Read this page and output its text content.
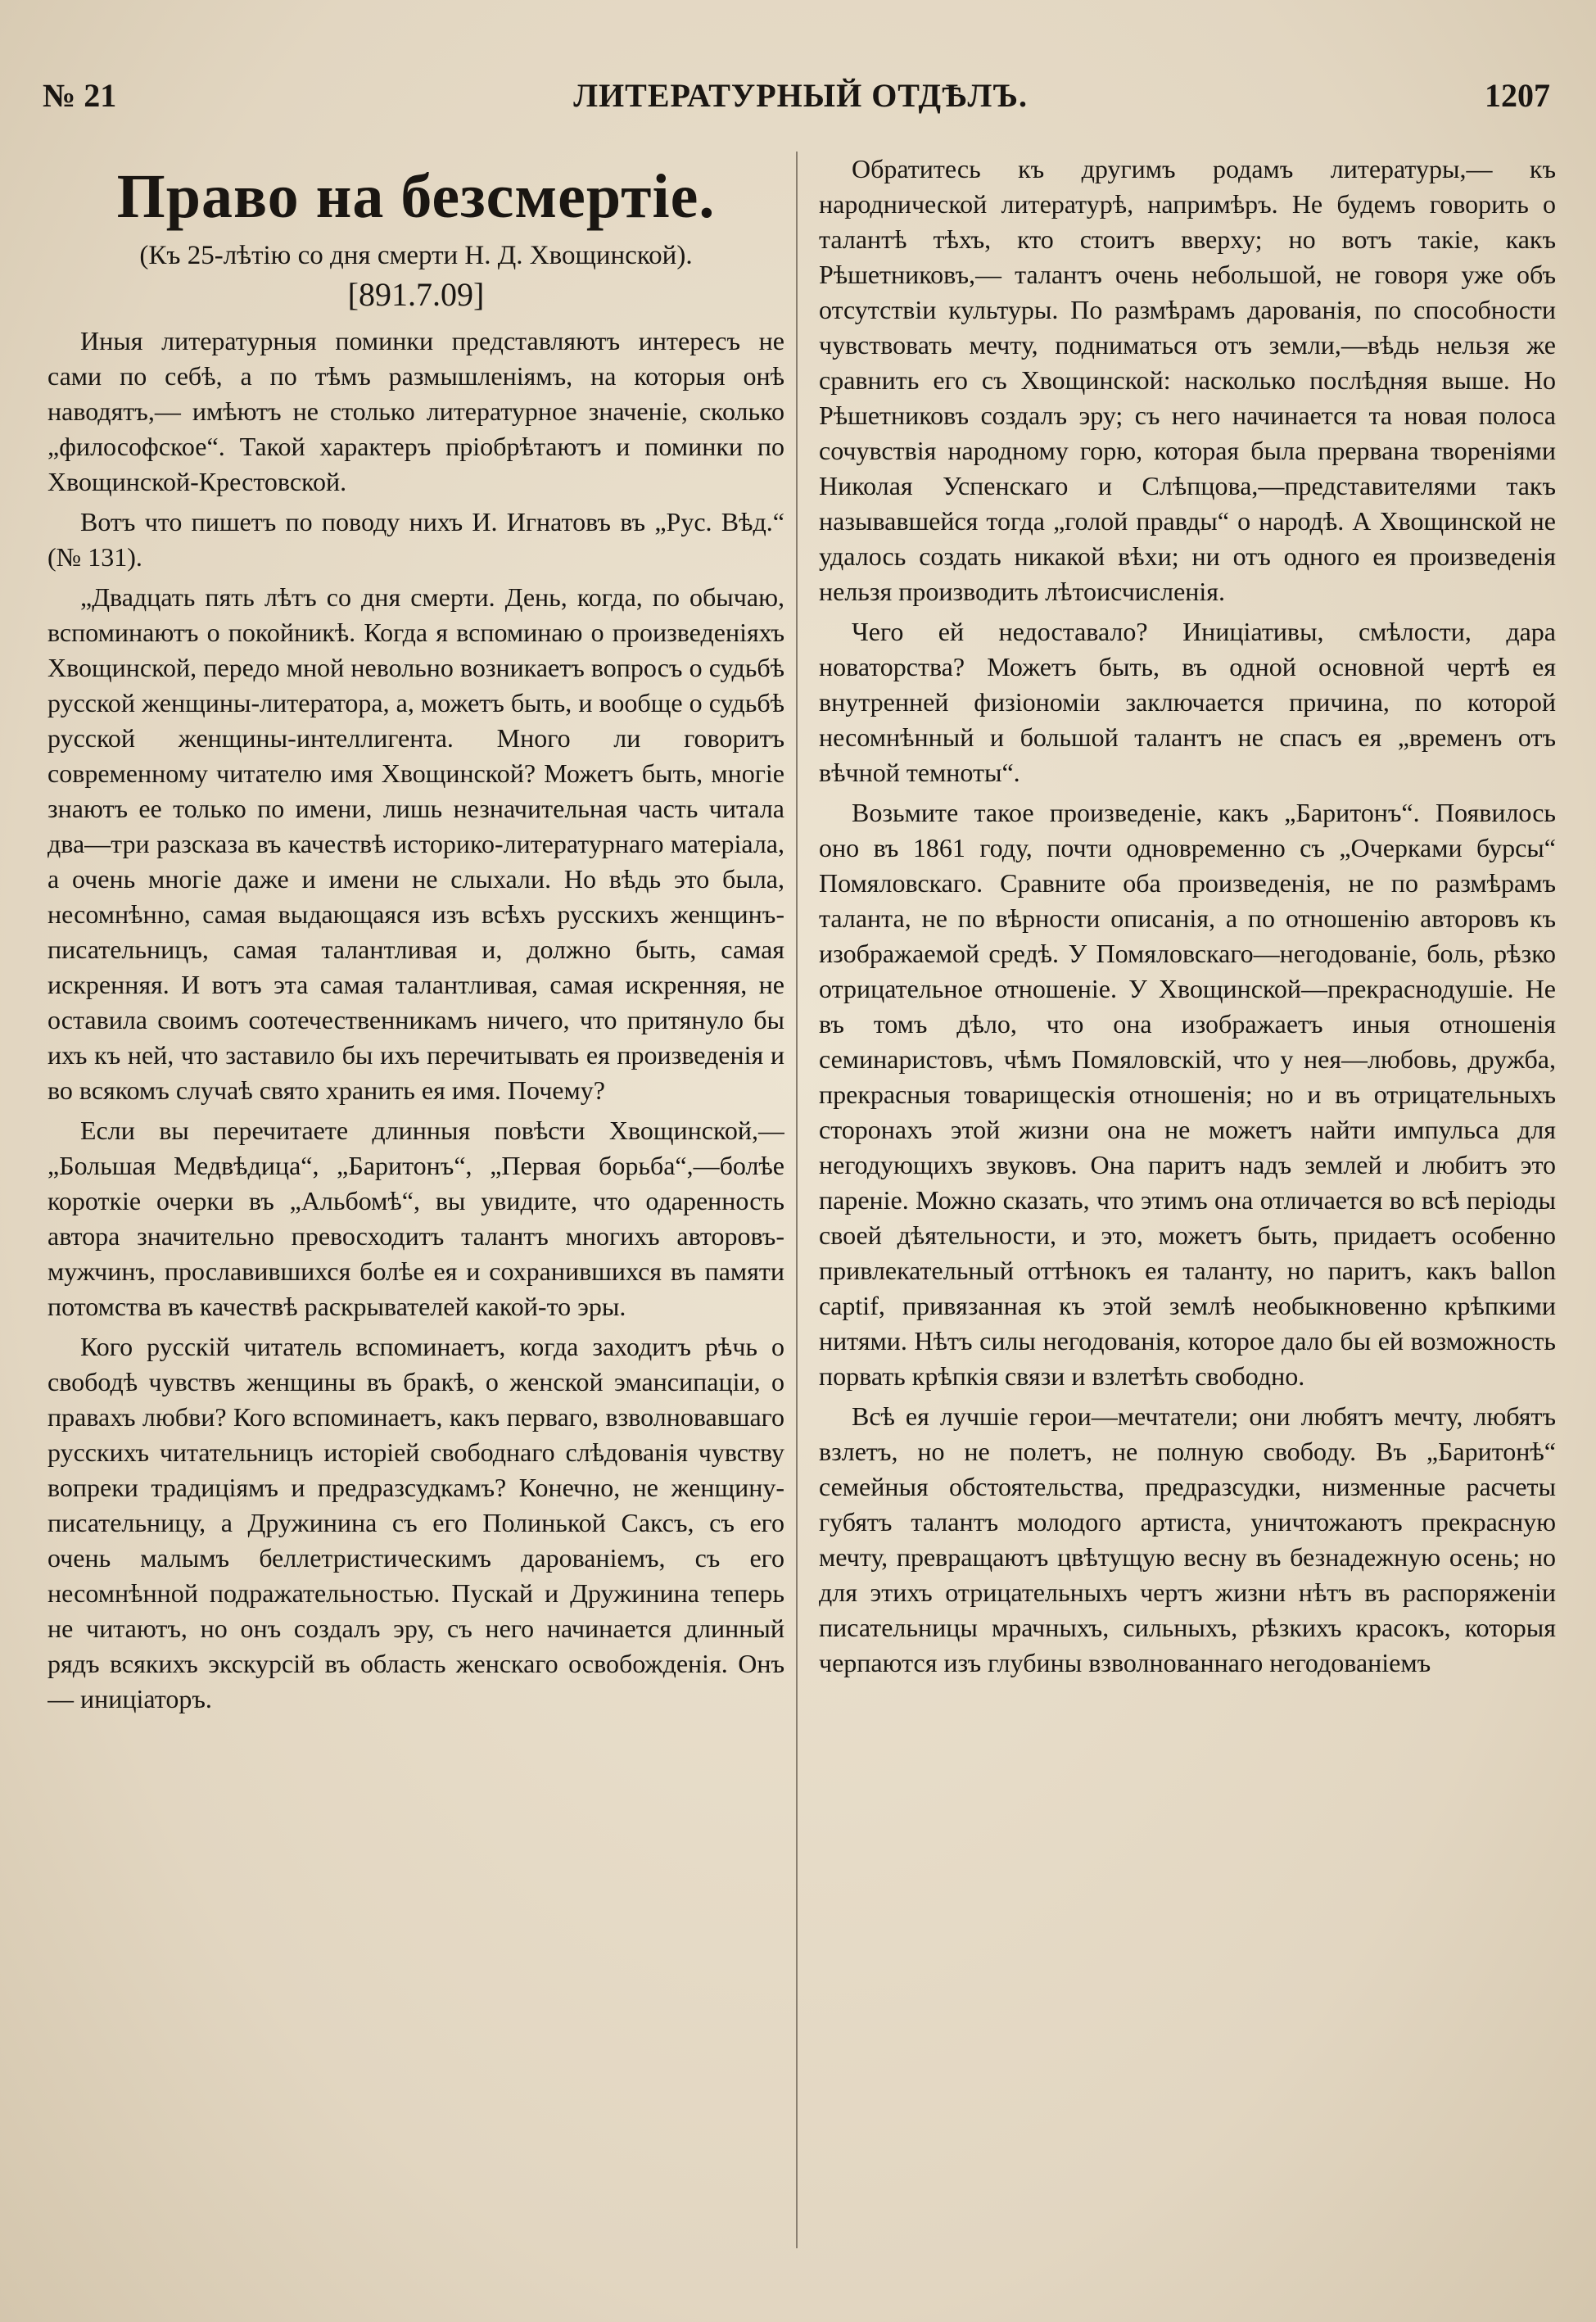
№ 21	ЛИТЕРАТУРНЫЙ ОТДѢЛЪ.	1207
Право на безсмертіе.
(Къ 25-лѣтію со дня смерти Н. Д. Хвощинской).
[891.7.09]

Иныя литературныя поминки представляютъ интересъ не сами по себѣ, а по тѣмъ размышленіямъ, на которыя онѣ наводятъ,— имѣютъ не столько литературное значеніе, сколько „философское“. Такой характеръ пріобрѣтаютъ и поминки по Хвощинской-Крестовской.

Вотъ что пишетъ по поводу нихъ И. Игнатовъ въ „Рус. Вѣд.“ (№ 131).

„Двадцать пять лѣтъ со дня смерти. День, когда, по обычаю, вспоминаютъ о покойникѣ. Когда я вспоминаю о произведеніяхъ Хвощинской, передо мной невольно возникаетъ вопросъ о судьбѣ русской женщины-литератора, а, можетъ быть, и вообще о судьбѣ русской женщины-интеллигента. Много ли говоритъ современному читателю имя Хвощинской? Можетъ быть, многіе знаютъ ее только по имени, лишь незначительная часть читала два—три разсказа въ качествѣ историко-литературнаго матеріала, а очень многіе даже и имени не слыхали. Но вѣдь это была, несомнѣнно, самая выдающаяся изъ всѣхъ русскихъ женщинъ-писательницъ, самая талантливая и, должно быть, самая искренняя. И вотъ эта самая талантливая, самая искренняя, не оставила своимъ соотечественникамъ ничего, что притянуло бы ихъ къ ней, что заставило бы ихъ перечитывать ея произведенія и во всякомъ случаѣ свято хранить ея имя. Почему?

Если вы перечитаете длинныя повѣсти Хвощинской,—„Большая Медвѣдица“, „Баритонъ“, „Первая борьба“,—болѣе короткіе очерки въ „Альбомѣ“, вы увидите, что одаренность автора значительно превосходитъ талантъ многихъ авторовъ-мужчинъ, прославившихся болѣе ея и сохранившихся въ памяти потомства въ качествѣ раскрывателей какой-то эры.

Кого русскій читатель вспоминаетъ, когда заходитъ рѣчь о свободѣ чувствъ женщины въ бракѣ, о женской эмансипаціи, о правахъ любви? Кого вспоминаетъ, какъ перваго, взволновавшаго русскихъ читательницъ исторіей свободнаго слѣдованія чувству вопреки традиціямъ и предразсудкамъ? Конечно, не женщину-писательницу, а Дружинина съ его Полинькой Саксъ, съ его очень малымъ беллетристическимъ дарованіемъ, съ его несомнѣнной подражательностью. Пускай и Дружинина теперь не читаютъ, но онъ создалъ эру, съ него начинается длинный рядъ всякихъ экскурсій въ область женскаго освобожденія. Онъ— иниціаторъ.

Обратитесь къ другимъ родамъ литературы,— къ народнической литературѣ, напримѣръ. Не будемъ говорить о талантѣ тѣхъ, кто стоитъ вверху; но вотъ такіе, какъ Рѣшетниковъ,— талантъ очень небольшой, не говоря уже объ отсутствіи культуры. По размѣрамъ дарованія, по способности чувствовать мечту, подниматься отъ земли,—вѣдь нельзя же сравнить его съ Хвощинской: насколько послѣдняя выше. Но Рѣшетниковъ создалъ эру; съ него начинается та новая полоса сочувствія народному горю, которая была прервана твореніями Николая Успенскаго и Слѣпцова,—представителями такъ называвшейся тогда „голой правды“ о народѣ. А Хвощинской не удалось создать никакой вѣхи; ни отъ одного ея произведенія нельзя производить лѣтоисчисленія.

Чего ей недоставало? Иниціативы, смѣлости, дара новаторства? Можетъ быть, въ одной основной чертѣ ея внутренней физіономіи заключается причина, по которой несомнѣнный и большой талантъ не спасъ ея „временъ отъ вѣчной темноты“.

Возьмите такое произведеніе, какъ „Баритонъ“. Появилось оно въ 1861 году, почти одновременно съ „Очерками бурсы“ Помяловскаго. Сравните оба произведенія, не по размѣрамъ таланта, не по вѣрности описанія, а по отношенію авторовъ къ изображаемой средѣ. У Помяловскаго—негодованіе, боль, рѣзко отрицательное отношеніе. У Хвощинской—прекраснодушіе. Не въ томъ дѣло, что она изображаетъ иныя отношенія семинаристовъ, чѣмъ Помяловскій, что у нея—любовь, дружба, прекрасныя товарищескія отношенія; но и въ отрицательныхъ сторонахъ этой жизни она не можетъ найти импульса для негодующихъ звуковъ. Она паритъ надъ землей и любитъ это пареніе. Можно сказать, что этимъ она отличается во всѣ періоды своей дѣятельности, и это, можетъ быть, придаетъ особенно привлекательный оттѣнокъ ея таланту, но паритъ, какъ ballon captif, привязанная къ этой землѣ необыкновенно крѣпкими нитями. Нѣтъ силы негодованія, которое дало бы ей возможность порвать крѣпкія связи и взлетѣть свободно.

Всѣ ея лучшіе герои—мечтатели; они любятъ мечту, любятъ взлетъ, но не полетъ, не полную свободу. Въ „Баритонѣ“ семейныя обстоятельства, предразсудки, низменные расчеты губятъ талантъ молодого артиста, уничтожаютъ прекрасную мечту, превращаютъ цвѣтущую весну въ безнадежную осень; но для этихъ отрицательныхъ чертъ жизни нѣтъ въ распоряженіи писательницы мрачныхъ, сильныхъ, рѣзкихъ красокъ, которыя черпаются изъ глубины взволнованнаго негодованіемъ
